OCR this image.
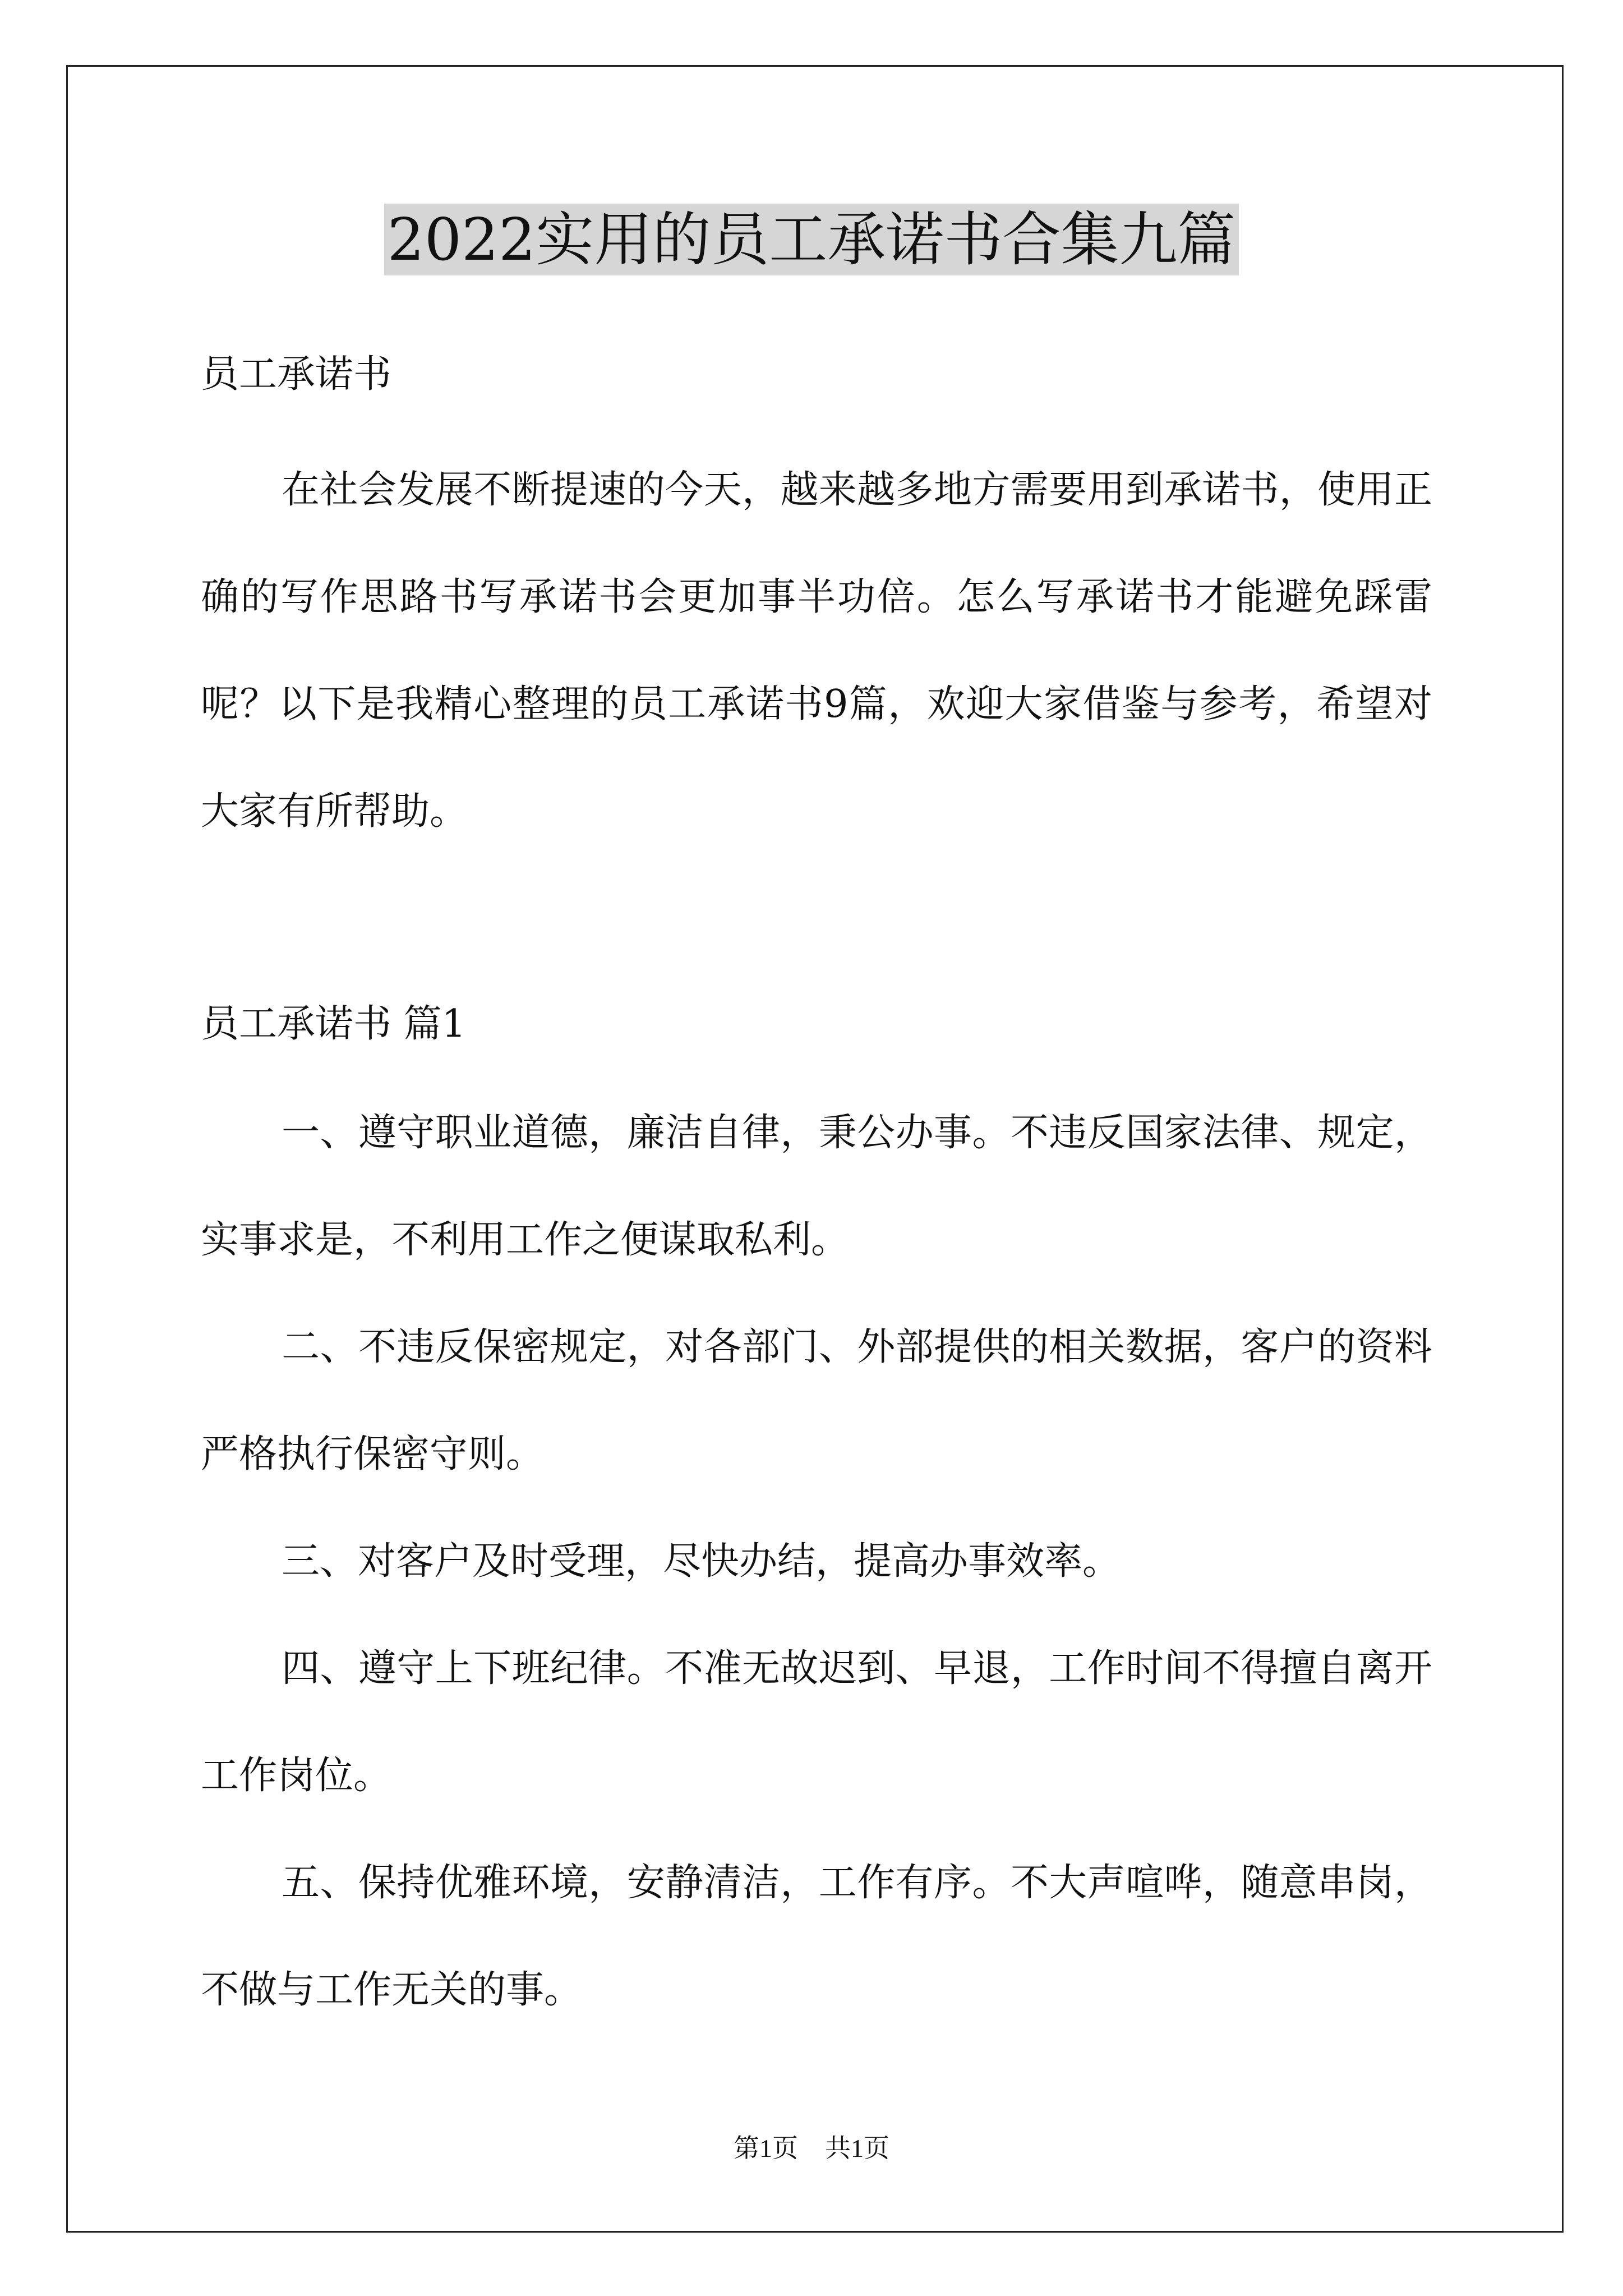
2022实用的员工承诺书合集九篇

员工承诺书

在社会发展不断提速的今天，越来越多地方需要用到承诺书，使用正确的写作思路书写承诺书会更加事半功倍。怎么写承诺书才能避免踩雷呢？以下是我精心整理的员工承诺书9篇，欢迎大家借鉴与参考，希望对大家有所帮助。

员工承诺书 篇1

一、遵守职业道德，廉洁自律，秉公办事。不违反国家法律、规定，实事求是，不利用工作之便谋取私利。

二、不违反保密规定，对各部门、外部提供的相关数据，客户的资料严格执行保密守则。

三、对客户及时受理，尽快办结，提高办事效率。

四、遵守上下班纪律。不准无故迟到、早退，工作时间不得擅自离开工作岗位。

五、保持优雅环境，安静清洁，工作有序。不大声喧哗，随意串岗，不做与工作无关的事。

第1页 共1页
